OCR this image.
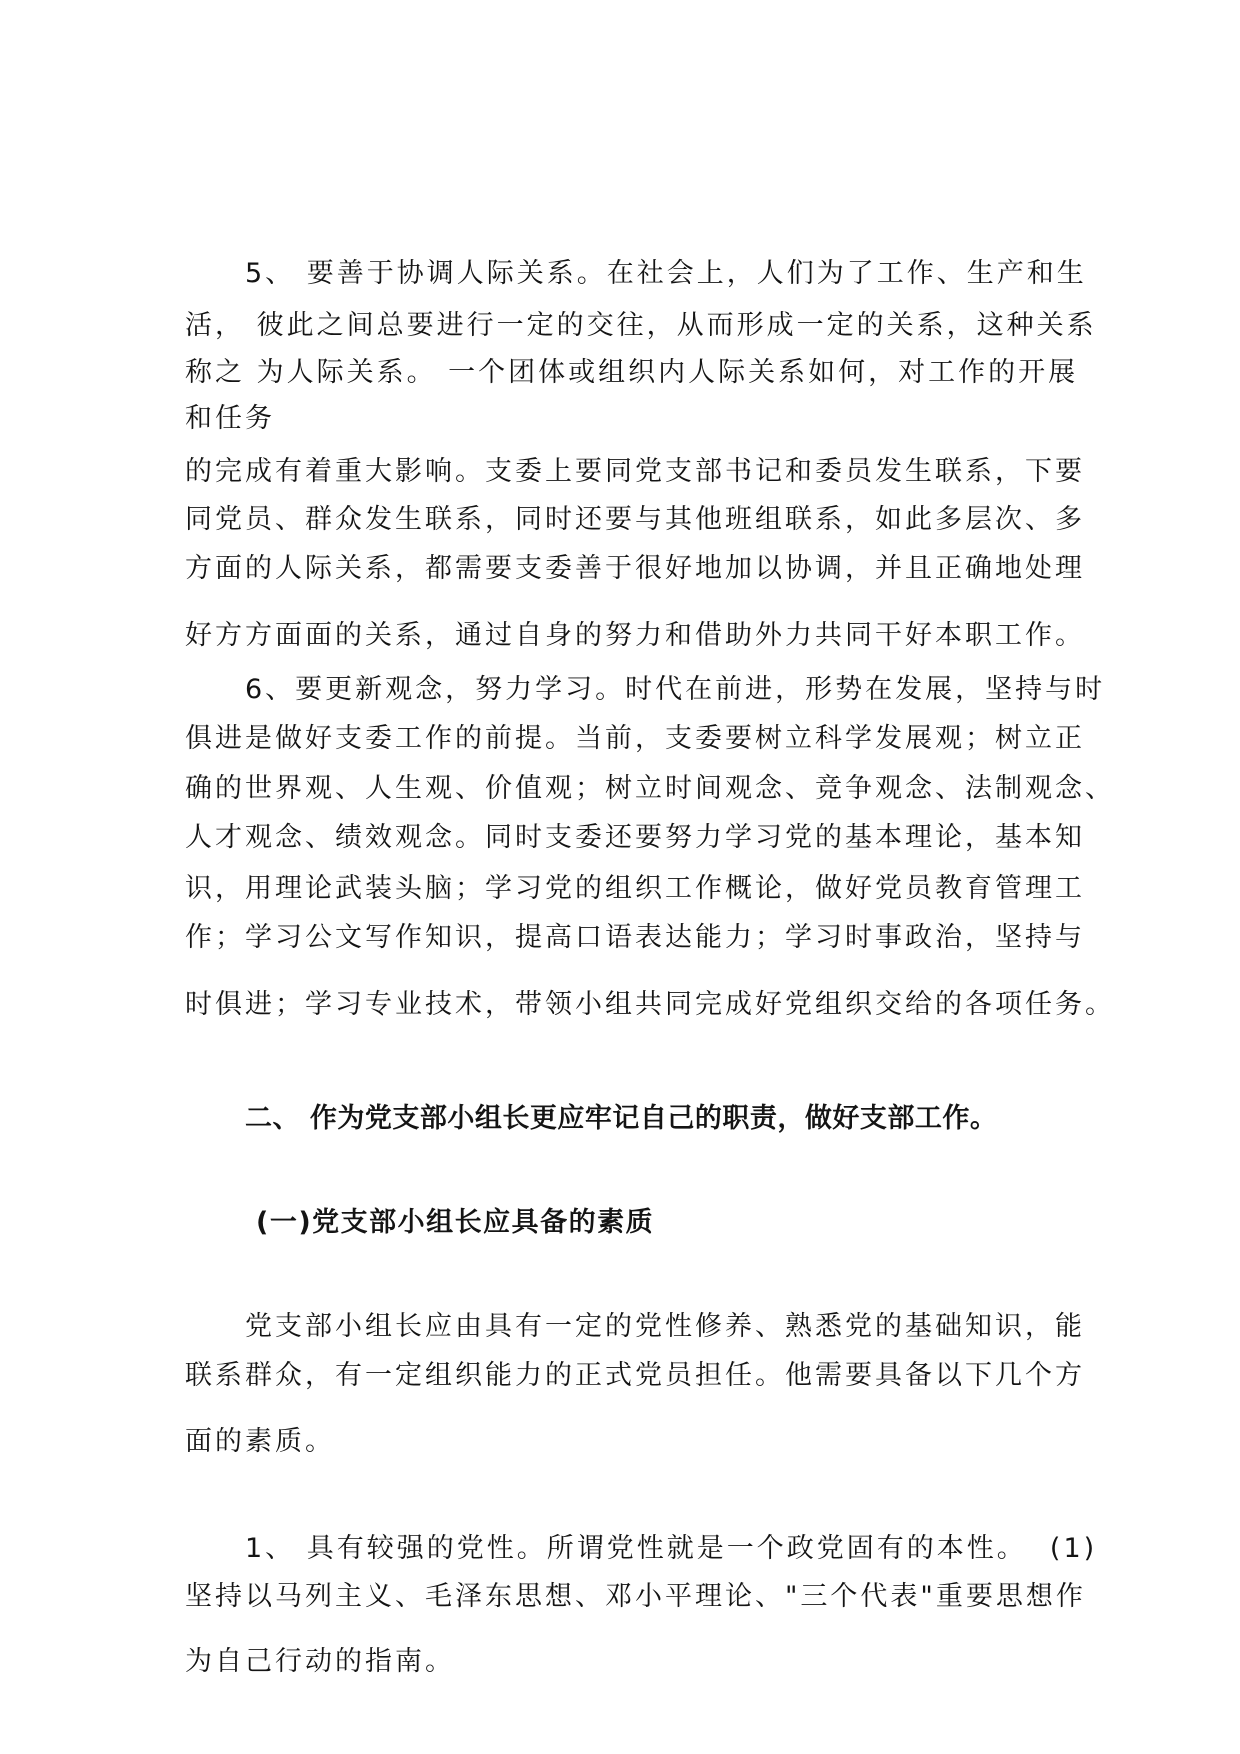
5、 要善于协调人际关系。在社会上，人们为了工作、生产和生
活， 彼此之间总要进行一定的交往，从而形成一定的关系，这种关系
称之 为人际关系。 一个团体或组织内人际关系如何，对工作的开展
和任务
的完成有着重大影响。支委上要同党支部书记和委员发生联系，下要
同党员、群众发生联系，同时还要与其他班组联系，如此多层次、多
方面的人际关系，都需要支委善于很好地加以协调，并且正确地处理
好方方面面的关系，通过自身的努力和借助外力共同干好本职工作。
6、要更新观念，努力学习。时代在前进，形势在发展，坚持与时
俱进是做好支委工作的前提。当前，支委要树立科学发展观；树立正
确的世界观、人生观、价值观；树立时间观念、竞争观念、法制观念、
人才观念、绩效观念。同时支委还要努力学习党的基本理论，基本知
识，用理论武装头脑；学习党的组织工作概论，做好党员教育管理工
作；学习公文写作知识，提高口语表达能力；学习时事政治，坚持与
时俱进；学习专业技术，带领小组共同完成好党组织交给的各项任务。
二、 作为党支部小组长更应牢记自己的职责，做好支部工作。
(一)党支部小组长应具备的素质
党支部小组长应由具有一定的党性修养、熟悉党的基础知识，能
联系群众，有一定组织能力的正式党员担任。他需要具备以下几个方
面的素质。
1、 具有较强的党性。所谓党性就是一个政党固有的本性。  (1)
坚持以马列主义、毛泽东思想、邓小平理论、"三个代表"重要思想作
为自己行动的指南。
